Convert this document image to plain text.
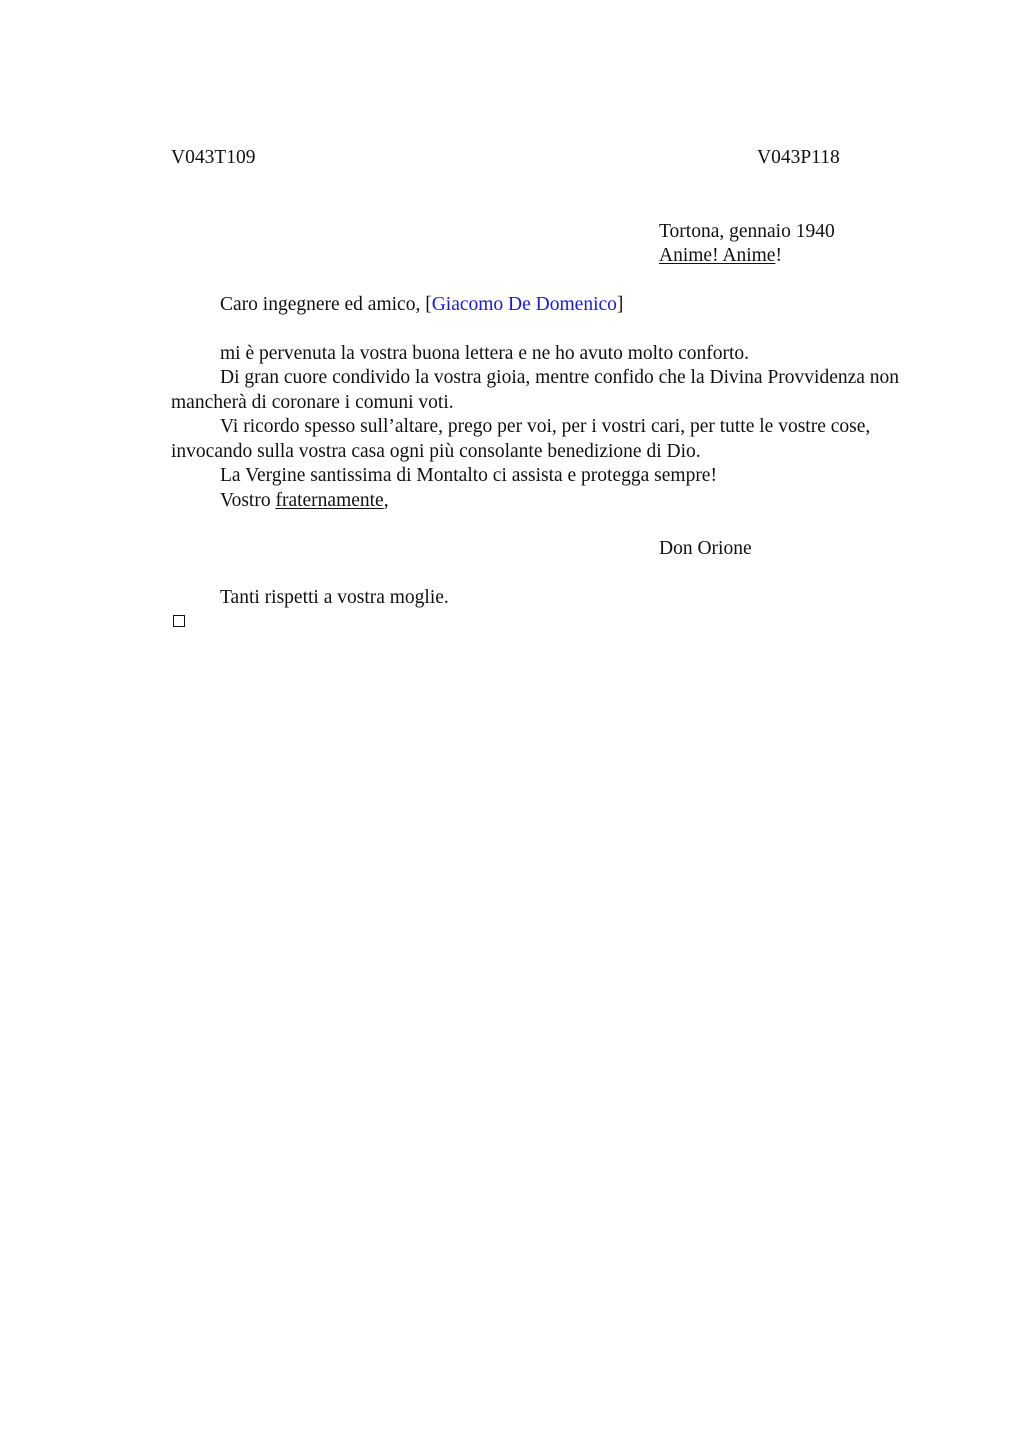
V043T109	V043P118
Tortona, gennaio 1940
Anime! Anime!
Caro ingegnere ed amico, [Giacomo De Domenico]

mi è pervenuta la vostra buona lettera e ne ho avuto molto conforto.

Di gran cuore condivido la vostra gioia, mentre confido che la Divina Provvidenza non mancherà di coronare i comuni voti.

Vi ricordo spesso sull’altare, prego per voi, per i vostri cari, per tutte le vostre cose, invocando sulla vostra casa ogni più consolante benedizione di Dio.

La Vergine santissima di Montalto ci assista e protegga sempre!

Vostro fraternamente,

Don Orione
Tanti rispetti a vostra moglie.
